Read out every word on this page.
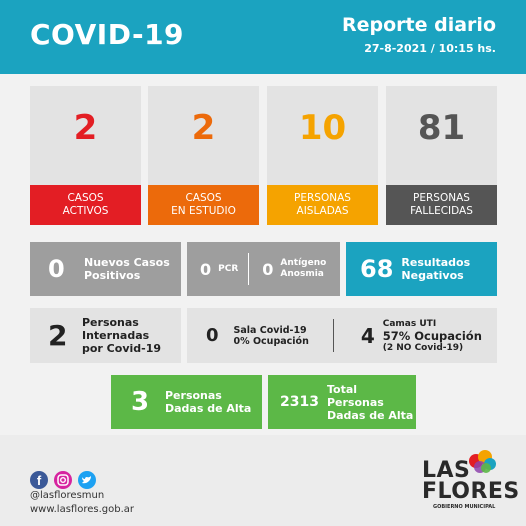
COVID-19	Reporte diario
27-8-2021 / 10:15 hs.
2
CASOS
ACTIVOS
2
CASOS
EN ESTUDIO
10
PERSONAS
AISLADAS
81
PERSONAS
FALLECIDAS
0	Nuevos Casos
Positivos	0 PCR 0 Antígeno
Anosmia 68 Resultados
Negativos
2	Personas
Internadas
por Covid-19
0 Sala Covid-19
0% Ocupación	4 Camas UTI
57% Ocupación
(2 NO Covid-19)
3	Personas
Dadas de Alta 2313
Total Personas
Dadas de Alta
f
@lasfloresmun
www.lasflores.gob.ar
LAS
FLORES
GOBIERNO MUNICIPAL
